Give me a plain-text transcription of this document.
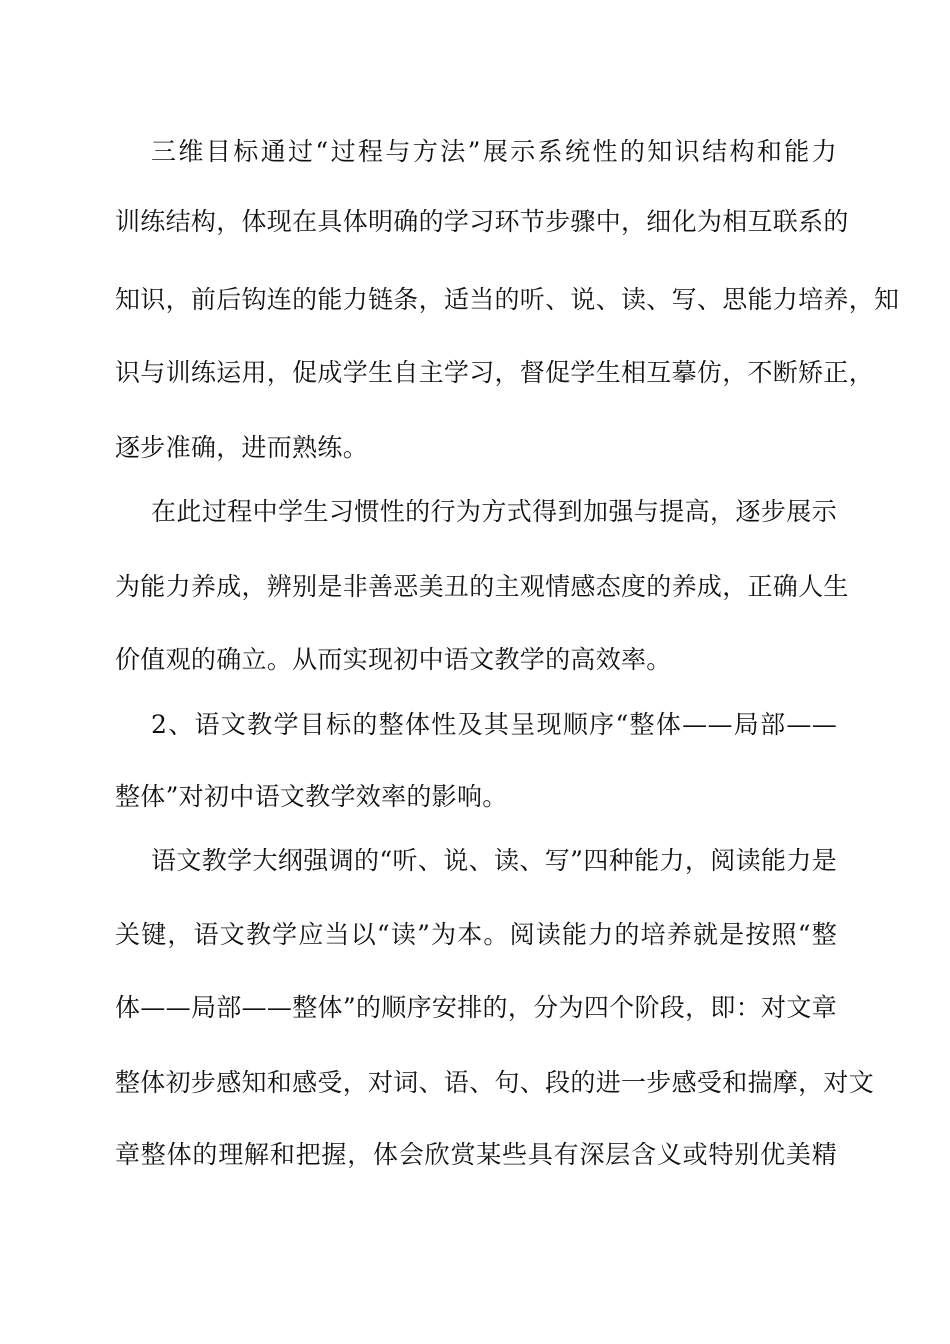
三维目标通过“过程与方法”展示系统性的知识结构和能力
训练结构，体现在具体明确的学习环节步骤中，细化为相互联系的
知识，前后钩连的能力链条，适当的听、说、读、写、思能力培养，知
识与训练运用，促成学生自主学习，督促学生相互摹仿，不断矫正，
逐步准确，进而熟练。
在此过程中学生习惯性的行为方式得到加强与提高，逐步展示
为能力养成，辨别是非善恶美丑的主观情感态度的养成，正确人生
价值观的确立。从而实现初中语文教学的高效率。
2、语文教学目标的整体性及其呈现顺序“整体——局部——
整体”对初中语文教学效率的影响。
语文教学大纲强调的“听、说、读、写”四种能力，阅读能力是
关键，语文教学应当以“读”为本。阅读能力的培养就是按照“整
体——局部——整体”的顺序安排的，分为四个阶段，即：对文章
整体初步感知和感受，对词、语、句、段的进一步感受和揣摩，对文
章整体的理解和把握，体会欣赏某些具有深层含义或特别优美精
